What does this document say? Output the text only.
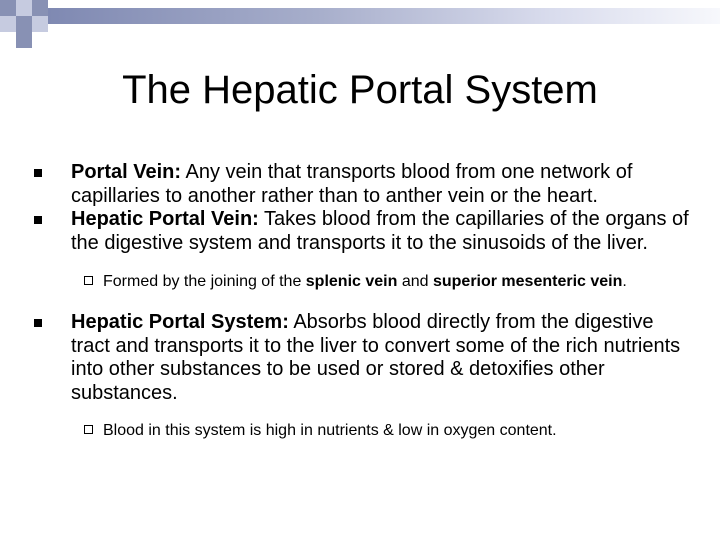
The Hepatic Portal System
Portal Vein: Any vein that transports blood from one network of capillaries to another rather than to anther vein or the heart.
Hepatic Portal Vein: Takes blood from the capillaries of the organs of the digestive system and transports it to the sinusoids of the liver.
Formed by the joining of the splenic vein and superior mesenteric vein.
Hepatic Portal System: Absorbs blood directly from the digestive tract and transports it to the liver to convert some of the rich nutrients into other substances to be used or stored & detoxifies other substances.
Blood in this system is high in nutrients & low in oxygen content.
